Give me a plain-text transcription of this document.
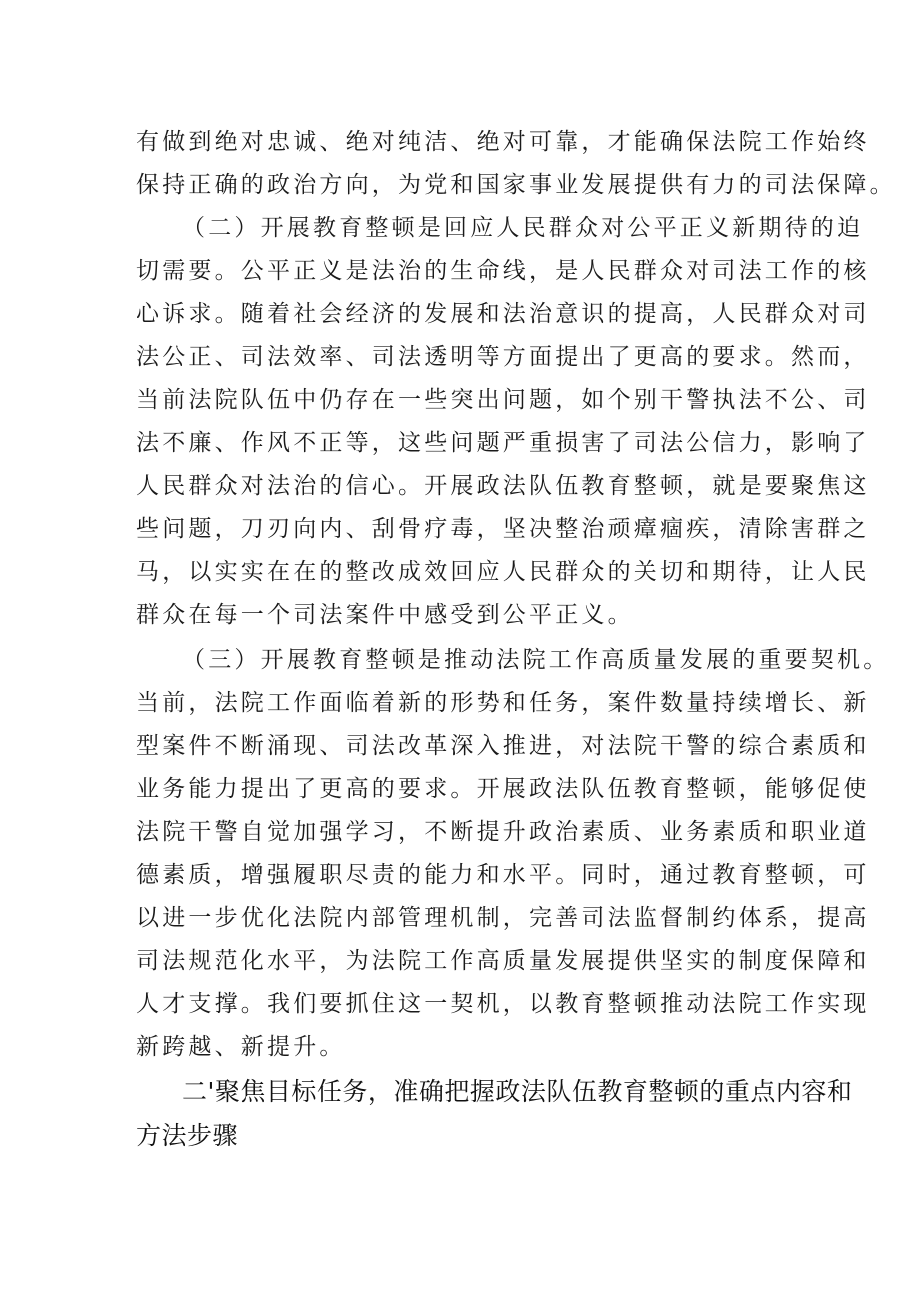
有做到绝对忠诚、绝对纯洁、绝对可靠，才能确保法院工作始终
保持正确的政治方向，为党和国家事业发展提供有力的司法保障。
（二）开展教育整顿是回应人民群众对公平正义新期待的迫
切需要。公平正义是法治的生命线，是人民群众对司法工作的核
心诉求。随着社会经济的发展和法治意识的提高，人民群众对司
法公正、司法效率、司法透明等方面提出了更高的要求。然而，
当前法院队伍中仍存在一些突出问题，如个别干警执法不公、司
法不廉、作风不正等，这些问题严重损害了司法公信力，影响了
人民群众对法治的信心。开展政法队伍教育整顿，就是要聚焦这
些问题，刀刃向内、刮骨疗毒，坚决整治顽瘴痼疾，清除害群之
马，以实实在在的整改成效回应人民群众的关切和期待，让人民
群众在每一个司法案件中感受到公平正义。
（三）开展教育整顿是推动法院工作高质量发展的重要契机。
当前，法院工作面临着新的形势和任务，案件数量持续增长、新
型案件不断涌现、司法改革深入推进，对法院干警的综合素质和
业务能力提出了更高的要求。开展政法队伍教育整顿，能够促使
法院干警自觉加强学习，不断提升政治素质、业务素质和职业道
德素质，增强履职尽责的能力和水平。同时，通过教育整顿，可
以进一步优化法院内部管理机制，完善司法监督制约体系，提高
司法规范化水平，为法院工作高质量发展提供坚实的制度保障和
人才支撑。我们要抓住这一契机，以教育整顿推动法院工作实现
新跨越、新提升。
二'聚焦目标任务，准确把握政法队伍教育整顿的重点内容和
方法步骤
